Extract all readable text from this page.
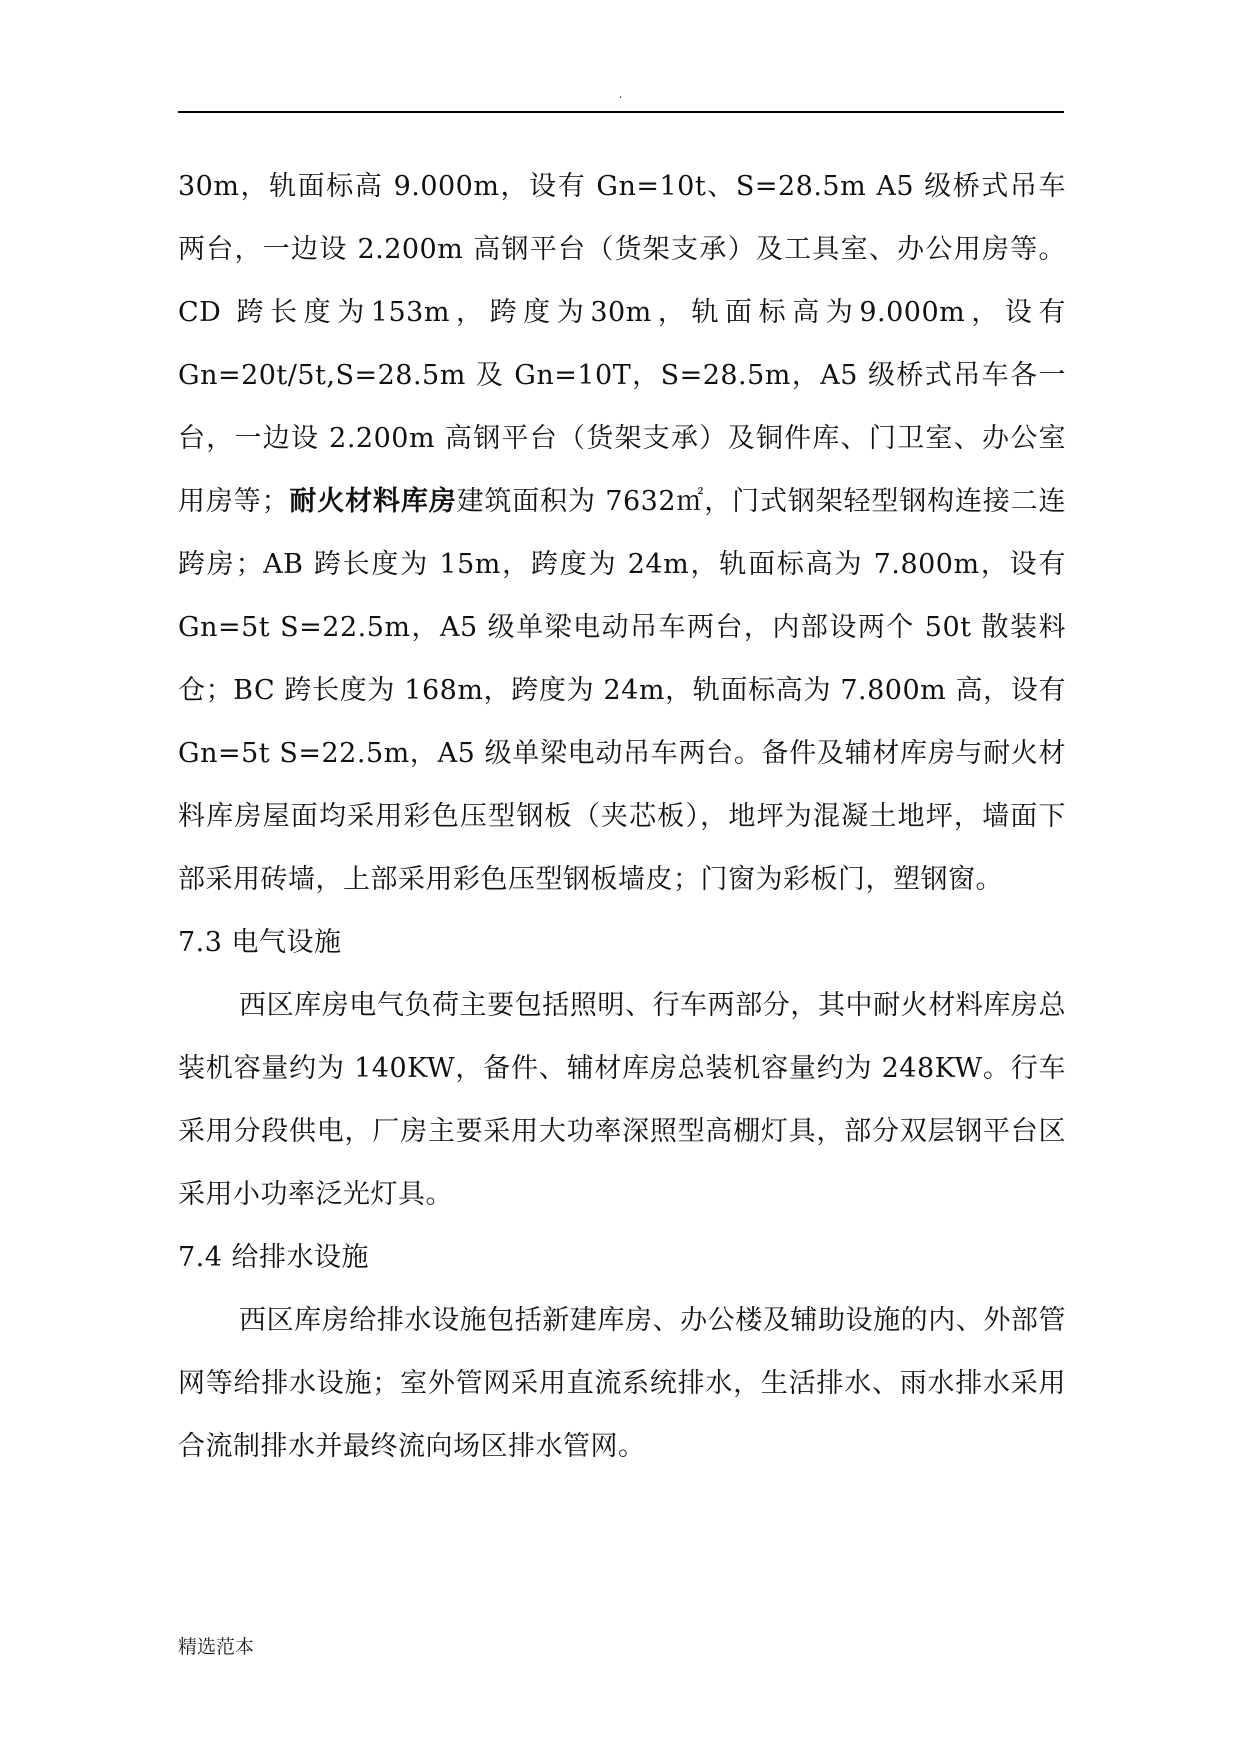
.

30m，轨面标高 9.000m，设有 Gn=10t、S=28.5m A5 级桥式吊车两台，一边设 2.200m 高钢平台（货架支承）及工具室、办公用房等。CD 跨长度为153m，跨度为30m，轨面标高为9.000m，设有 Gn=20t/5t,S=28.5m 及 Gn=10T，S=28.5m，A5 级桥式吊车各一台，一边设 2.200m 高钢平台（货架支承）及铜件库、门卫室、办公室用房等；耐火材料库房建筑面积为 7632㎡，门式钢架轻型钢构连接二连跨房；AB 跨长度为 15m，跨度为 24m，轨面标高为 7.800m，设有 Gn=5t S=22.5m，A5 级单梁电动吊车两台，内部设两个 50t 散装料仓；BC 跨长度为 168m，跨度为 24m，轨面标高为 7.800m 高，设有 Gn=5t S=22.5m，A5 级单梁电动吊车两台。备件及辅材库房与耐火材料库房屋面均采用彩色压型钢板（夹芯板），地坪为混凝土地坪，墙面下部采用砖墙，上部采用彩色压型钢板墙皮；门窗为彩板门，塑钢窗。

7.3 电气设施

西区库房电气负荷主要包括照明、行车两部分，其中耐火材料库房总装机容量约为 140KW，备件、辅材库房总装机容量约为 248KW。行车采用分段供电，厂房主要采用大功率深照型高棚灯具，部分双层钢平台区采用小功率泛光灯具。

7.4 给排水设施

西区库房给排水设施包括新建库房、办公楼及辅助设施的内、外部管网等给排水设施；室外管网采用直流系统排水，生活排水、雨水排水采用合流制排水并最终流向场区排水管网。

精选范本
